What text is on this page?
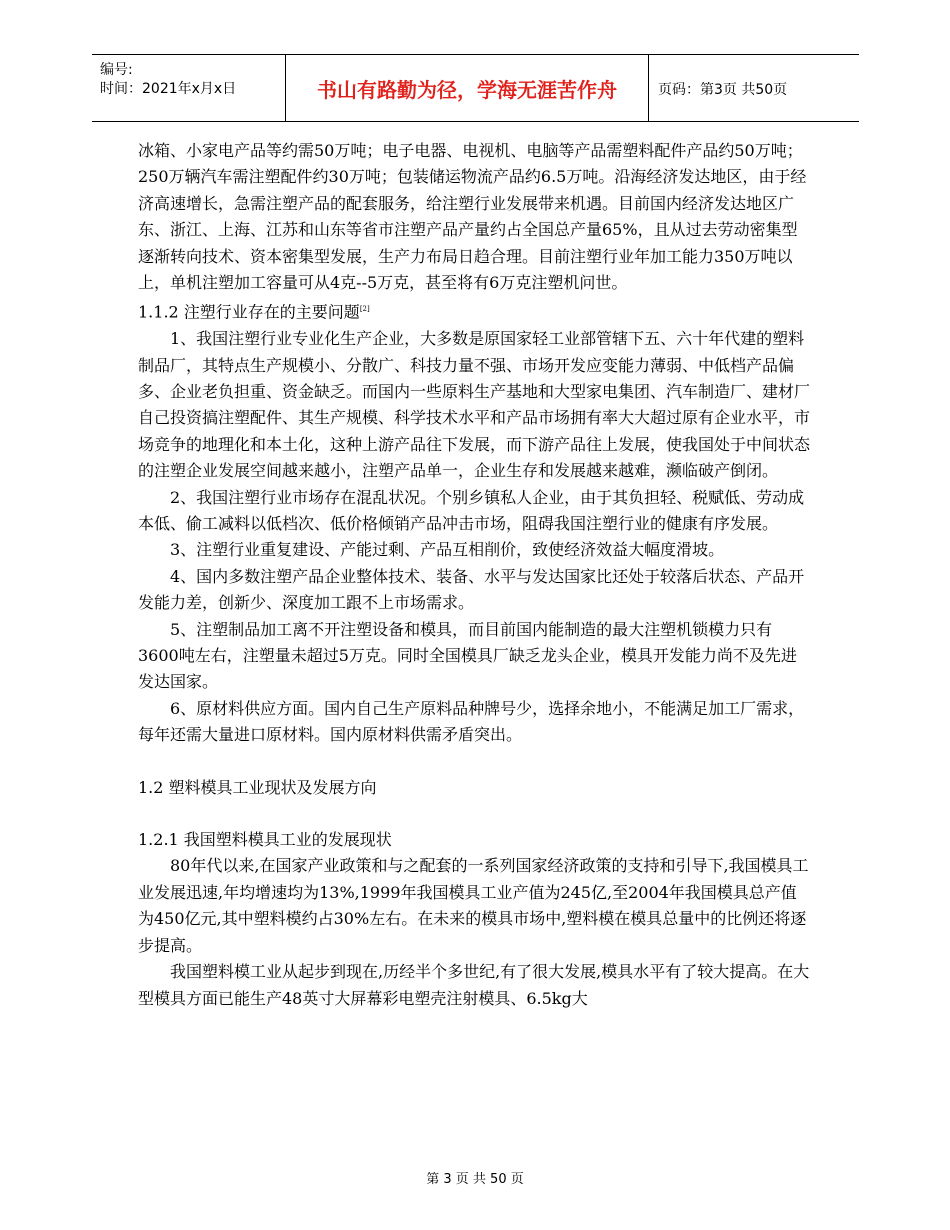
编号:
时间：2021年x月x日	书山有路勤为径，学海无涯苦作舟	页码：第3页 共50页

冰箱、小家电产品等约需50万吨；电子电器、电视机、电脑等产品需塑料配件产品约50万吨；250万辆汽车需注塑配件约30万吨；包装储运物流产品约6.5万吨。沿海经济发达地区，由于经济高速增长，急需注塑产品的配套服务，给注塑行业发展带来机遇。目前国内经济发达地区广东、浙江、上海、江苏和山东等省市注塑产品产量约占全国总产量65%，且从过去劳动密集型逐渐转向技术、资本密集型发展，生产力布局日趋合理。目前注塑行业年加工能力350万吨以上，单机注塑加工容量可从4克--5万克，甚至将有6万克注塑机问世。

1.1.2 注塑行业存在的主要问题[2]

1、我国注塑行业专业化生产企业，大多数是原国家轻工业部管辖下五、六十年代建的塑料制品厂，其特点生产规模小、分散广、科技力量不强、市场开发应变能力薄弱、中低档产品偏多、企业老负担重、资金缺乏。而国内一些原料生产基地和大型家电集团、汽车制造厂、建材厂自己投资搞注塑配件、其生产规模、科学技术水平和产品市场拥有率大大超过原有企业水平，市场竞争的地理化和本土化，这种上游产品往下发展，而下游产品往上发展，使我国处于中间状态的注塑企业发展空间越来越小，注塑产品单一，企业生存和发展越来越难，濒临破产倒闭。

2、我国注塑行业市场存在混乱状况。个别乡镇私人企业，由于其负担轻、税赋低、劳动成本低、偷工减料以低档次、低价格倾销产品冲击市场，阻碍我国注塑行业的健康有序发展。

3、注塑行业重复建设、产能过剩、产品互相削价，致使经济效益大幅度滑坡。

4、国内多数注塑产品企业整体技术、装备、水平与发达国家比还处于较落后状态、产品开发能力差，创新少、深度加工跟不上市场需求。

5、注塑制品加工离不开注塑设备和模具，而目前国内能制造的最大注塑机锁模力只有3600吨左右，注塑量未超过5万克。同时全国模具厂缺乏龙头企业，模具开发能力尚不及先进发达国家。

6、原材料供应方面。国内自己生产原料品种牌号少，选择余地小，不能满足加工厂需求，每年还需大量进口原材料。国内原材料供需矛盾突出。

1.2 塑料模具工业现状及发展方向

1.2.1 我国塑料模具工业的发展现状

80年代以来,在国家产业政策和与之配套的一系列国家经济政策的支持和引导下,我国模具工业发展迅速,年均增速均为13%,1999年我国模具工业产值为245亿,至2004年我国模具总产值为450亿元,其中塑料模约占30%左右。在未来的模具市场中,塑料模在模具总量中的比例还将逐步提高。

我国塑料模工业从起步到现在,历经半个多世纪,有了很大发展,模具水平有了较大提高。在大型模具方面已能生产48英寸大屏幕彩电塑壳注射模具、6.5kg大

第 3 页 共 50 页
